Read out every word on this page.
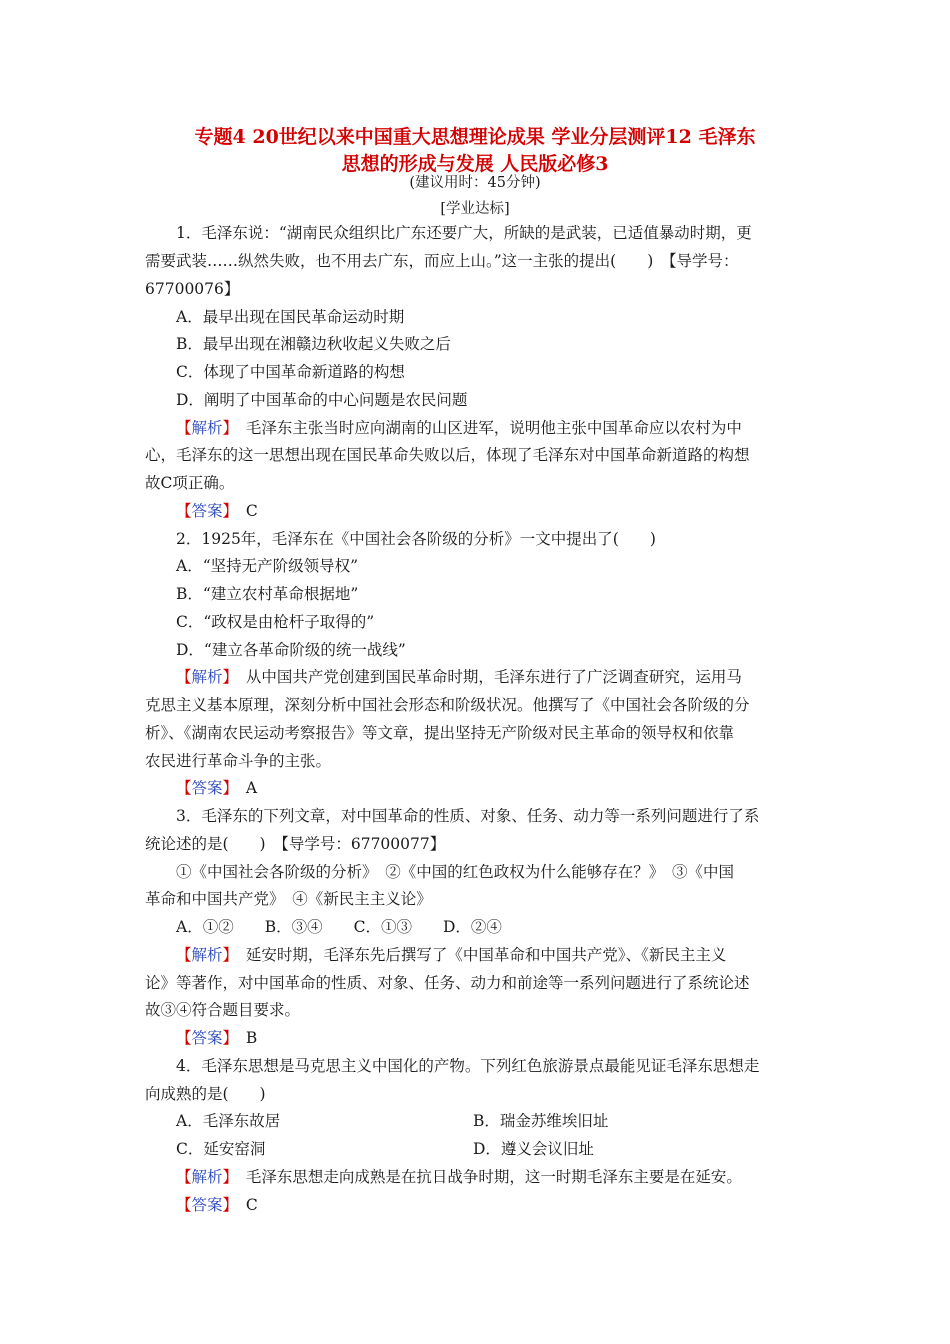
专题4 20世纪以来中国重大思想理论成果 学业分层测评12 毛泽东
思想的形成与发展 人民版必修3
(建议用时：45分钟)
[学业达标]
1．毛泽东说：“湖南民众组织比广东还要广大，所缺的是武装，已适值暴动时期，更
需要武装……纵然失败，也不用去广东，而应上山。”这一主张的提出(　　)　【导学号：
67700076】
A．最早出现在国民革命运动时期
B．最早出现在湘赣边秋收起义失败之后
C．体现了中国革命新道路的构想
D．阐明了中国革命的中心问题是农民问题
【解析】　 毛泽东主张当时应向湖南的山区进军，说明他主张中国革命应以农村为中
心，毛泽东的这一思想出现在国民革命失败以后，体现了毛泽东对中国革命新道路的构想
故C项正确。
【答案】　 C
2．1925年，毛泽东在《中国社会各阶级的分析》一文中提出了(　　)
A．“坚持无产阶级领导权”
B．“建立农村革命根据地”
C．“政权是由枪杆子取得的”
D．“建立各革命阶级的统一战线”
【解析】　 从中国共产党创建到国民革命时期，毛泽东进行了广泛调查研究，运用马
克思主义基本原理，深刻分析中国社会形态和阶级状况。他撰写了《中国社会各阶级的分
析》、《湖南农民运动考察报告》等文章，提出坚持无产阶级对民主革命的领导权和依靠
农民进行革命斗争的主张。
【答案】　 A
3．毛泽东的下列文章，对中国革命的性质、对象、任务、动力等一系列问题进行了系
统论述的是(　　)　【导学号：67700077】
①《中国社会各阶级的分析》　②《中国的红色政权为什么能够存在？》　③《中国
革命和中国共产党》　④《新民主主义论》
A．①②　　B．③④　　C．①③　　D．②④
【解析】　 延安时期，毛泽东先后撰写了《中国革命和中国共产党》、《新民主主义
论》等著作，对中国革命的性质、对象、任务、动力和前途等一系列问题进行了系统论述
故③④符合题目要求。
【答案】　 B
4．毛泽东思想是马克思主义中国化的产物。下列红色旅游景点最能见证毛泽东思想走
向成熟的是(　　)
A．毛泽东故居	B．瑞金苏维埃旧址
C．延安窑洞	D．遵义会议旧址
【解析】　 毛泽东思想走向成熟是在抗日战争时期，这一时期毛泽东主要是在延安。
【答案】　 C
